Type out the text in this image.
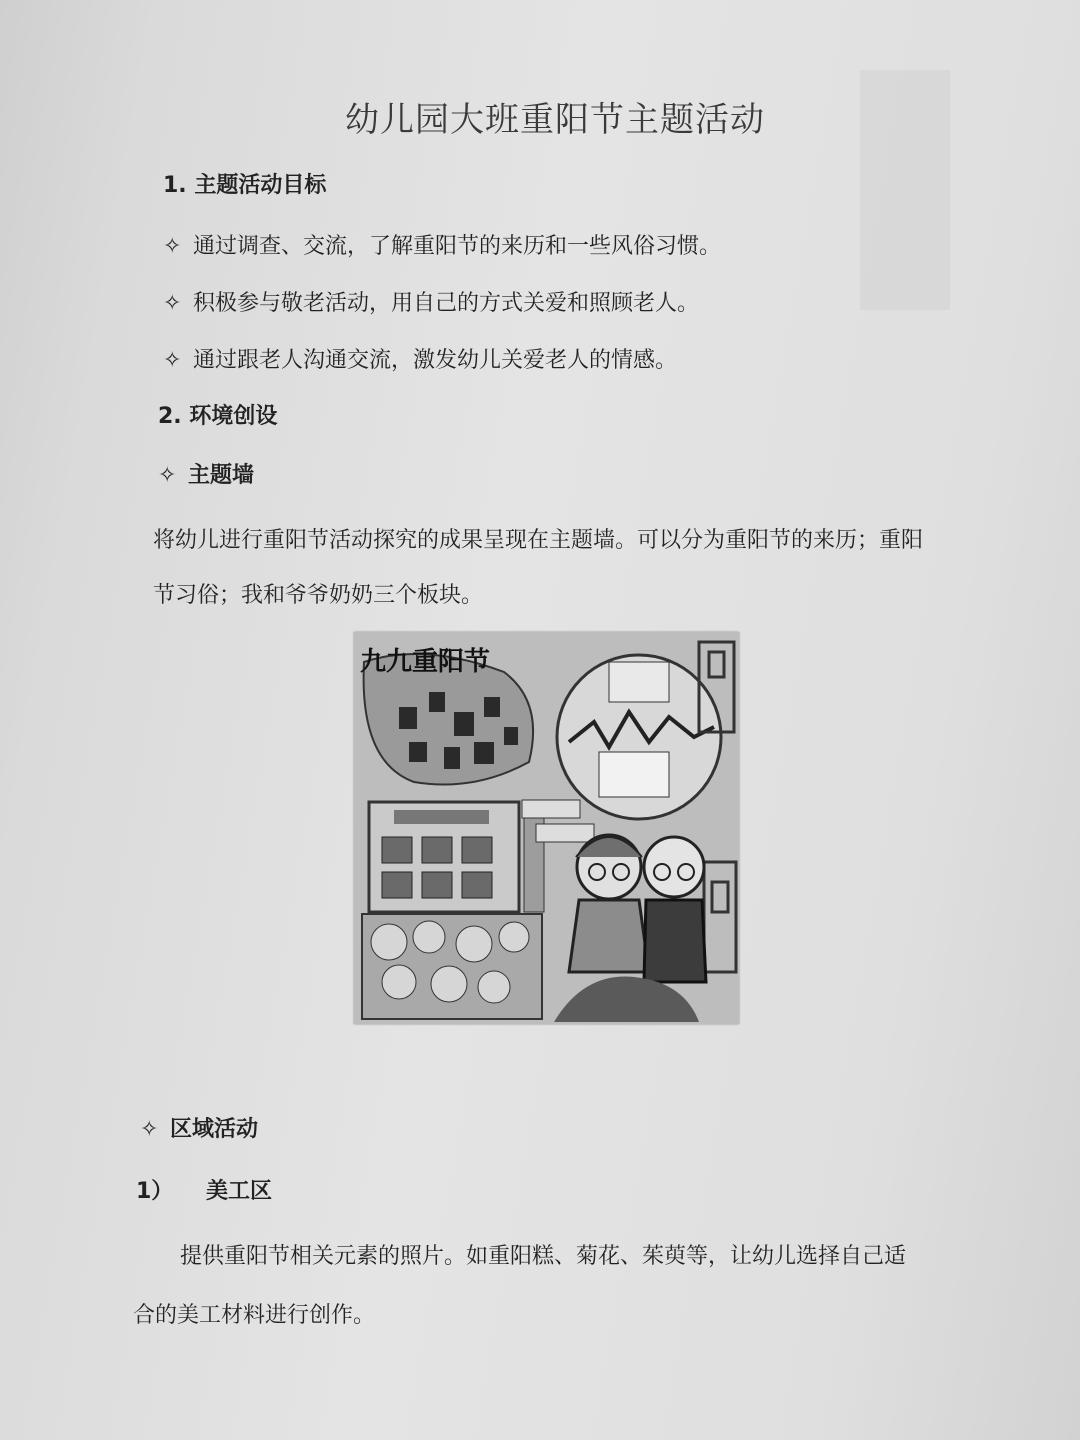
幼儿园大班重阳节主题活动
1. 主题活动目标
✧ 通过调查、交流，了解重阳节的来历和一些风俗习惯。
✧ 积极参与敬老活动，用自己的方式关爱和照顾老人。
✧ 通过跟老人沟通交流，激发幼儿关爱老人的情感。
2. 环境创设
✧ 主题墙
将幼儿进行重阳节活动探究的成果呈现在主题墙。可以分为重阳节的来历；重阳
节习俗；我和爷爷奶奶三个板块。
九九重阳节
✧ 区域活动
1） 美工区
提供重阳节相关元素的照片。如重阳糕、菊花、茱萸等，让幼儿选择自己适
合的美工材料进行创作。
